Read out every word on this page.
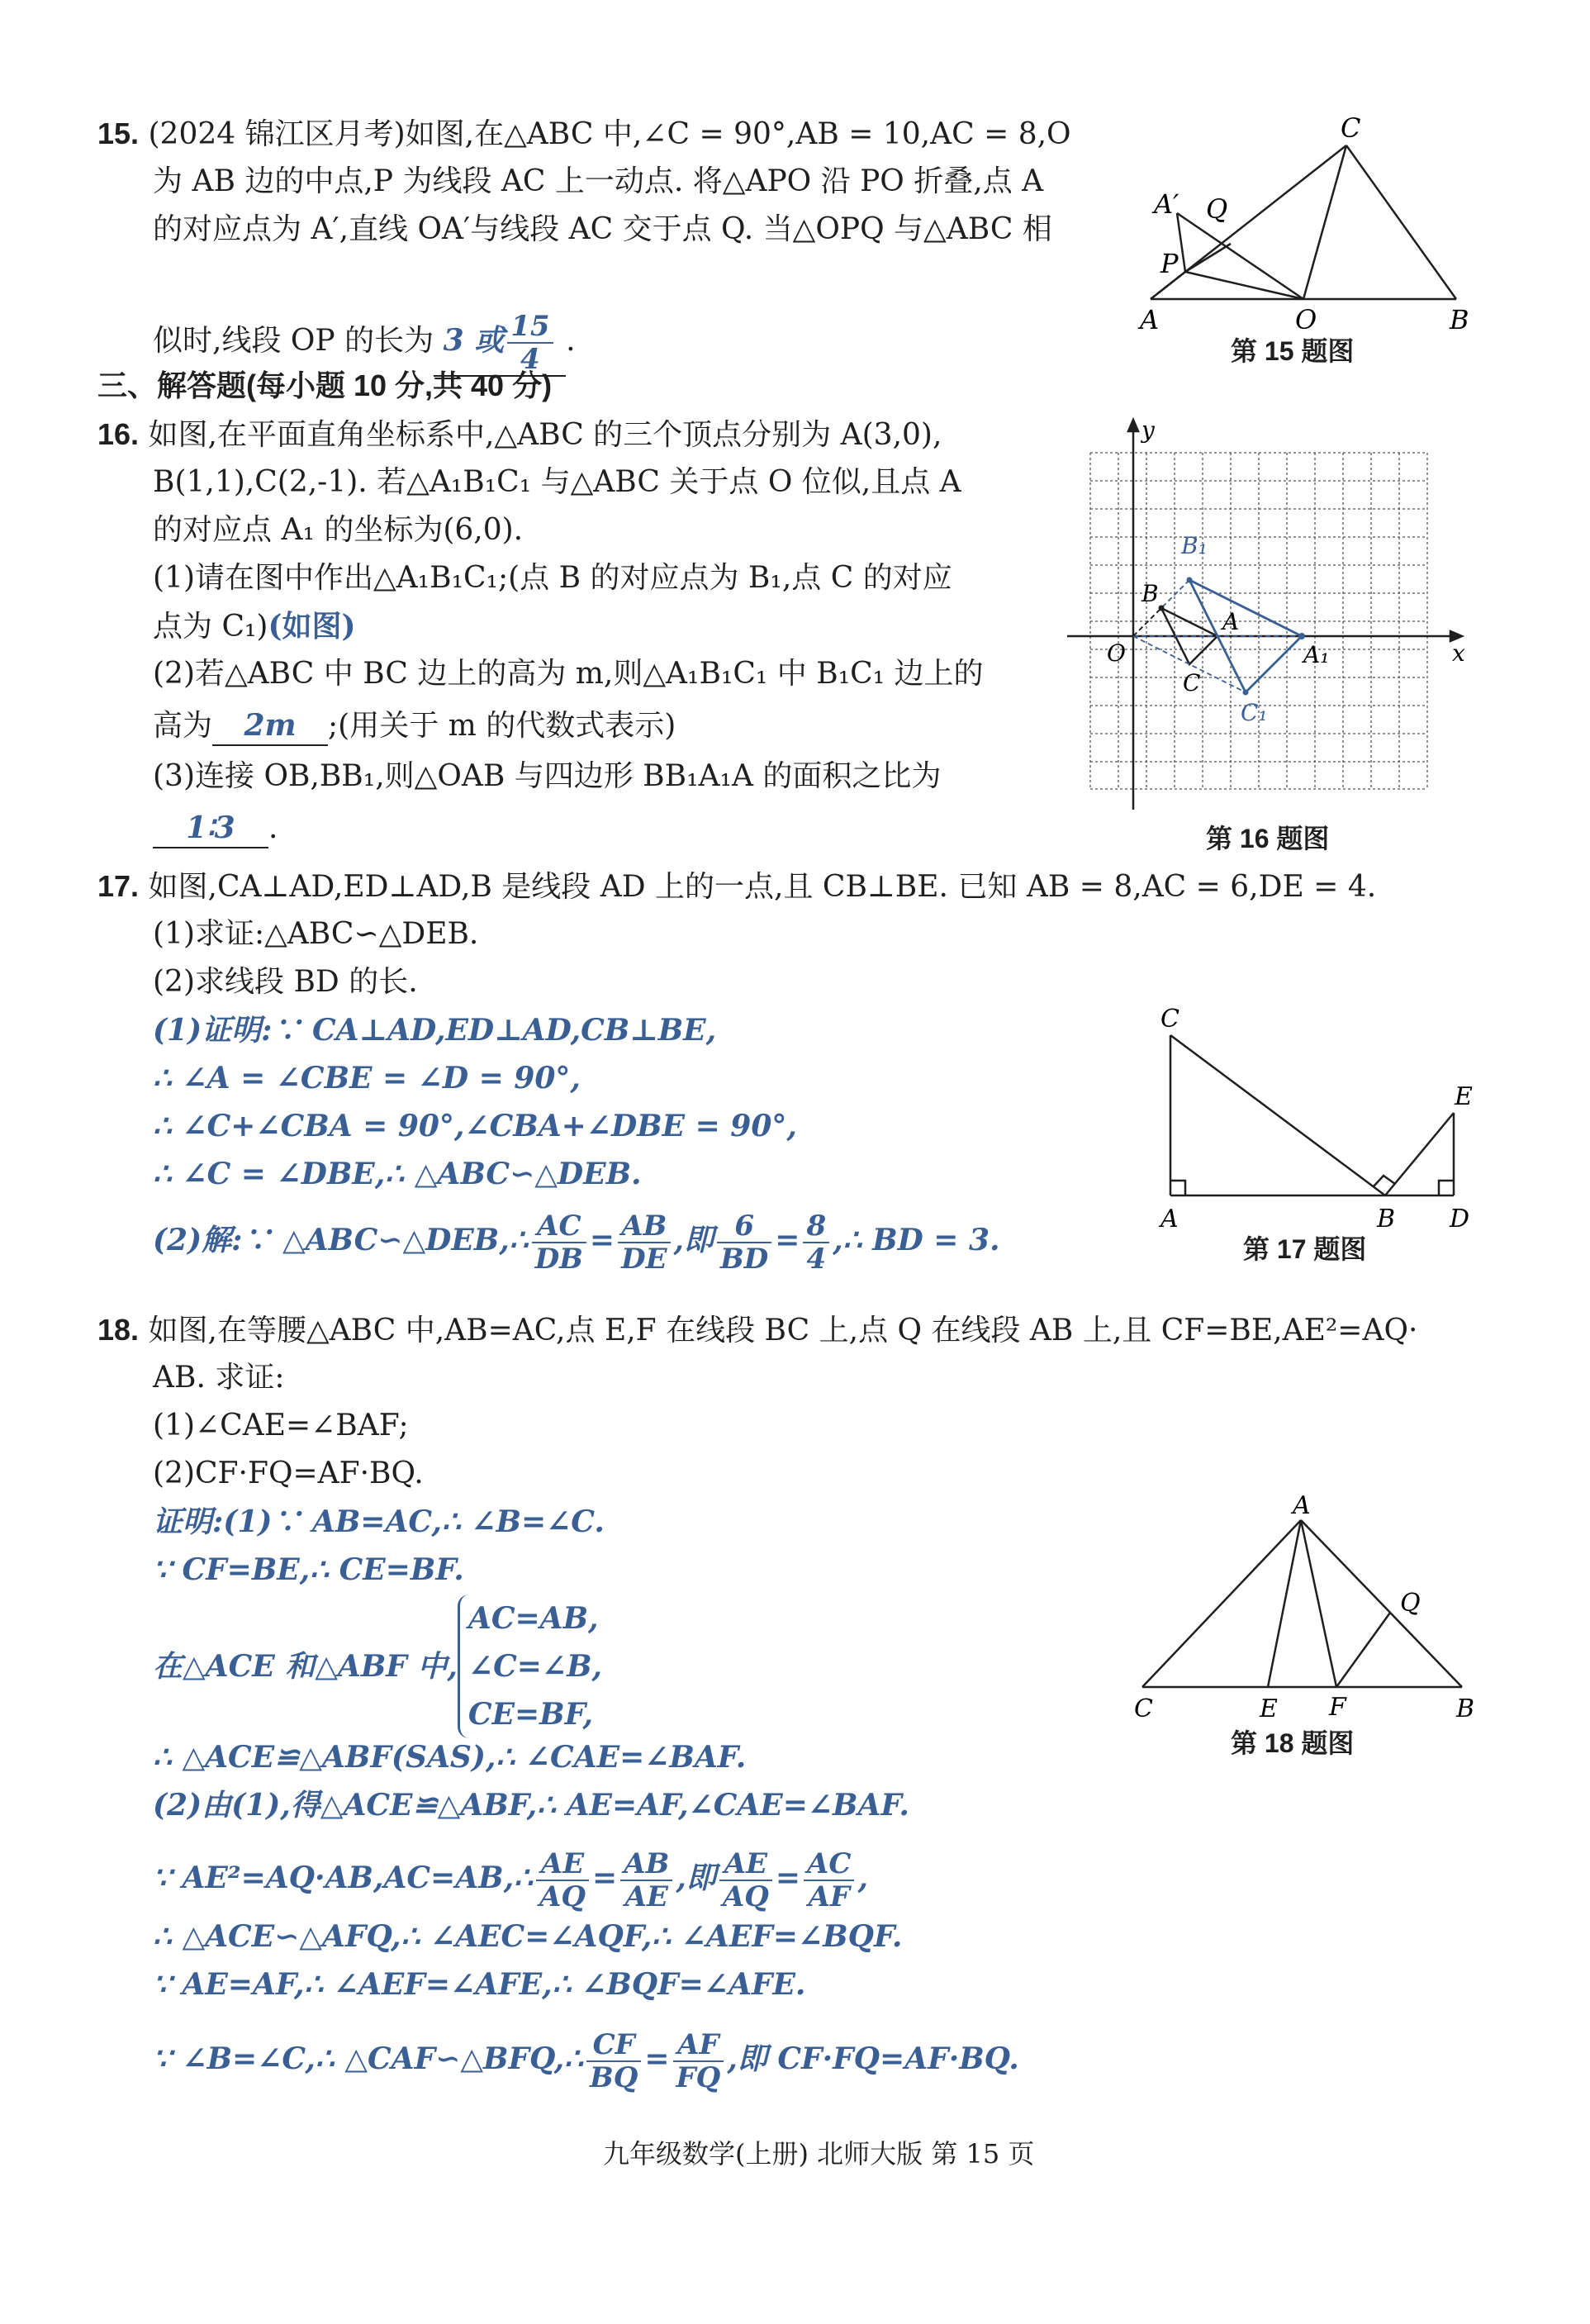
15. (2024 锦江区月考)如图,在△ABC 中,∠C = 90°,AB = 10,AC = 8,O
为 AB 边的中点,P 为线段 AC 上一动点. 将△APO 沿 PO 折叠,点 A
的对应点为 A′,直线 OA′与线段 AC 交于点 Q. 当△OPQ 与△ABC 相
似时,线段 OP 的长为 3 或 $\frac{15}{4}$ .
C
A′ Q
P
A	O	B
第 15 题图
三、解答题(每小题 10 分,共 40 分)
16. 如图,在平面直角坐标系中,△ABC 的三个顶点分别为 A(3,0),
B(1,1),C(2,-1). 若△A₁B₁C₁ 与△ABC 关于点 O 位似,且点 A
的对应点 A₁ 的坐标为(6,0).
(1)请在图中作出△A₁B₁C₁;(点 B 的对应点为 B₁,点 C 的对应
点为 C₁)(如图)
(2)若△ABC 中 BC 边上的高为 m,则△A₁B₁C₁ 中 B₁C₁ 边上的
高为 2m ;(用关于 m 的代数式表示)
(3)连接 OB,BB₁,则△OAB 与四边形 BB₁A₁A 的面积之比为
1∶3 .
y
x
O
B
A
C
B₁
A₁
C₁
第 16 题图
17. 如图,CA⊥AD,ED⊥AD,B 是线段 AD 上的一点,且 CB⊥BE. 已知 AB = 8,AC = 6,DE = 4.
(1)求证:△ABC∽△DEB.
(2)求线段 BD 的长.
(1)证明:∵ CA⊥AD,ED⊥AD,CB⊥BE,
∴ ∠A = ∠CBE = ∠D = 90°,
∴ ∠C+∠CBA = 90°,∠CBA+∠DBE = 90°,
∴ ∠C = ∠DBE,∴ △ABC∽△DEB.
(2)解:∵ △ABC∽△DEB,∴ $\frac{AC}{DB} = \frac{AB}{DE}$ ,即 $\frac{6}{BD} = \frac{8}{4}$ ,∴ BD = 3.
C
E
A	B D
第 17 题图
18. 如图,在等腰△ABC 中,AB=AC,点 E,F 在线段 BC 上,点 Q 在线段 AB 上,且 CF=BE,AE²=AQ·
AB. 求证:
(1)∠CAE=∠BAF;
(2)CF·FQ=AF·BQ.
证明:(1)∵ AB=AC,∴ ∠B=∠C.
∵ CF=BE,∴ CE=BF.
在△ACE 和△ABF 中,
AC=AB,
∠C=∠B,
CE=BF,
∴ △ACE≌△ABF(SAS),∴ ∠CAE=∠BAF.
(2)由(1),得△ACE≌△ABF,∴ AE=AF,∠CAE=∠BAF.
∵ AE²=AQ·AB,AC=AB,∴ $\frac{AE}{AQ} = \frac{AB}{AE}$ ,即 $\frac{AE}{AQ} = \frac{AC}{AF}$ ,
∴ △ACE∽△AFQ,∴ ∠AEC=∠AQF,∴ ∠AEF=∠BQF.
∵ AE=AF,∴ ∠AEF=∠AFE,∴ ∠BQF=∠AFE.
∵ ∠B=∠C,∴ △CAF∽△BFQ,∴ $\frac{CF}{BQ} = \frac{AF}{FQ}$ ,即 CF·FQ=AF·BQ.
A
Q
C	E F	B
第 18 题图
九年级数学(上册) 北师大版 第 15 页
